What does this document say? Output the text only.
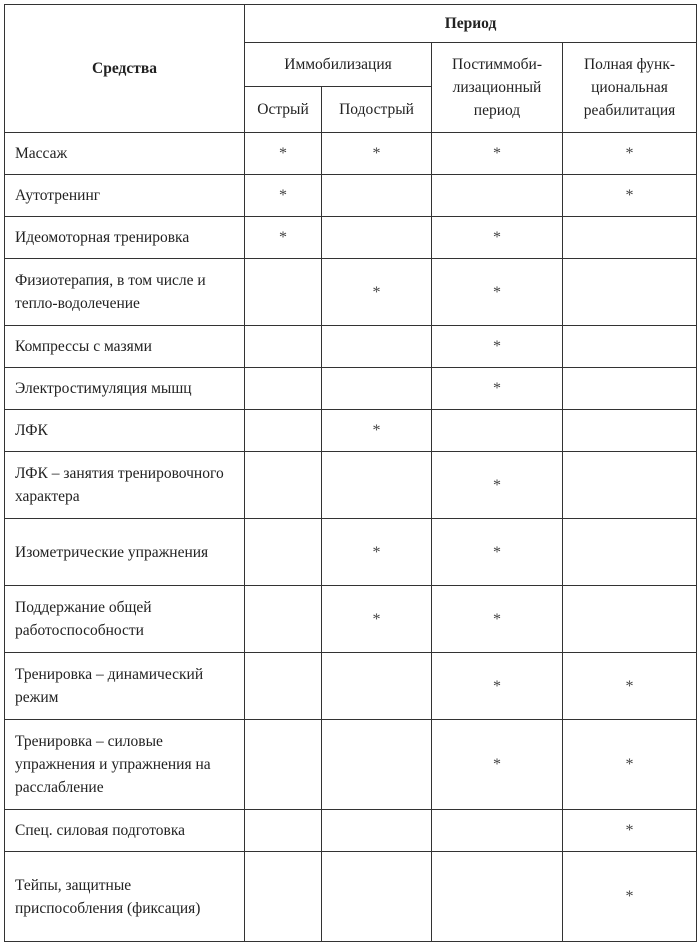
Средства	Период			
	Иммобилизация		Постиммоби-лизационный период	Полная функ-циональная реабилитация
	Острый	Подострый		
Массаж	*	*	*	*
Аутотренинг	*			*
Идеомоторная тренировка	*		*	
Физиотерапия, в том числе и тепло-водолечение		*	*	
Компрессы с мазями			*	
Электростимуляция мышц			*	
ЛФК		*		
ЛФК – занятия тренировочного характера			*	
Изометрические упражнения		*	*	
Поддержание общей работоспособности		*	*	
Тренировка – динамический режим			*	*
Тренировка – силовые упражнения и упражнения на расслабление			*	*
Спец. силовая подготовка				*
Тейпы, защитные приспособления (фиксация)				*
